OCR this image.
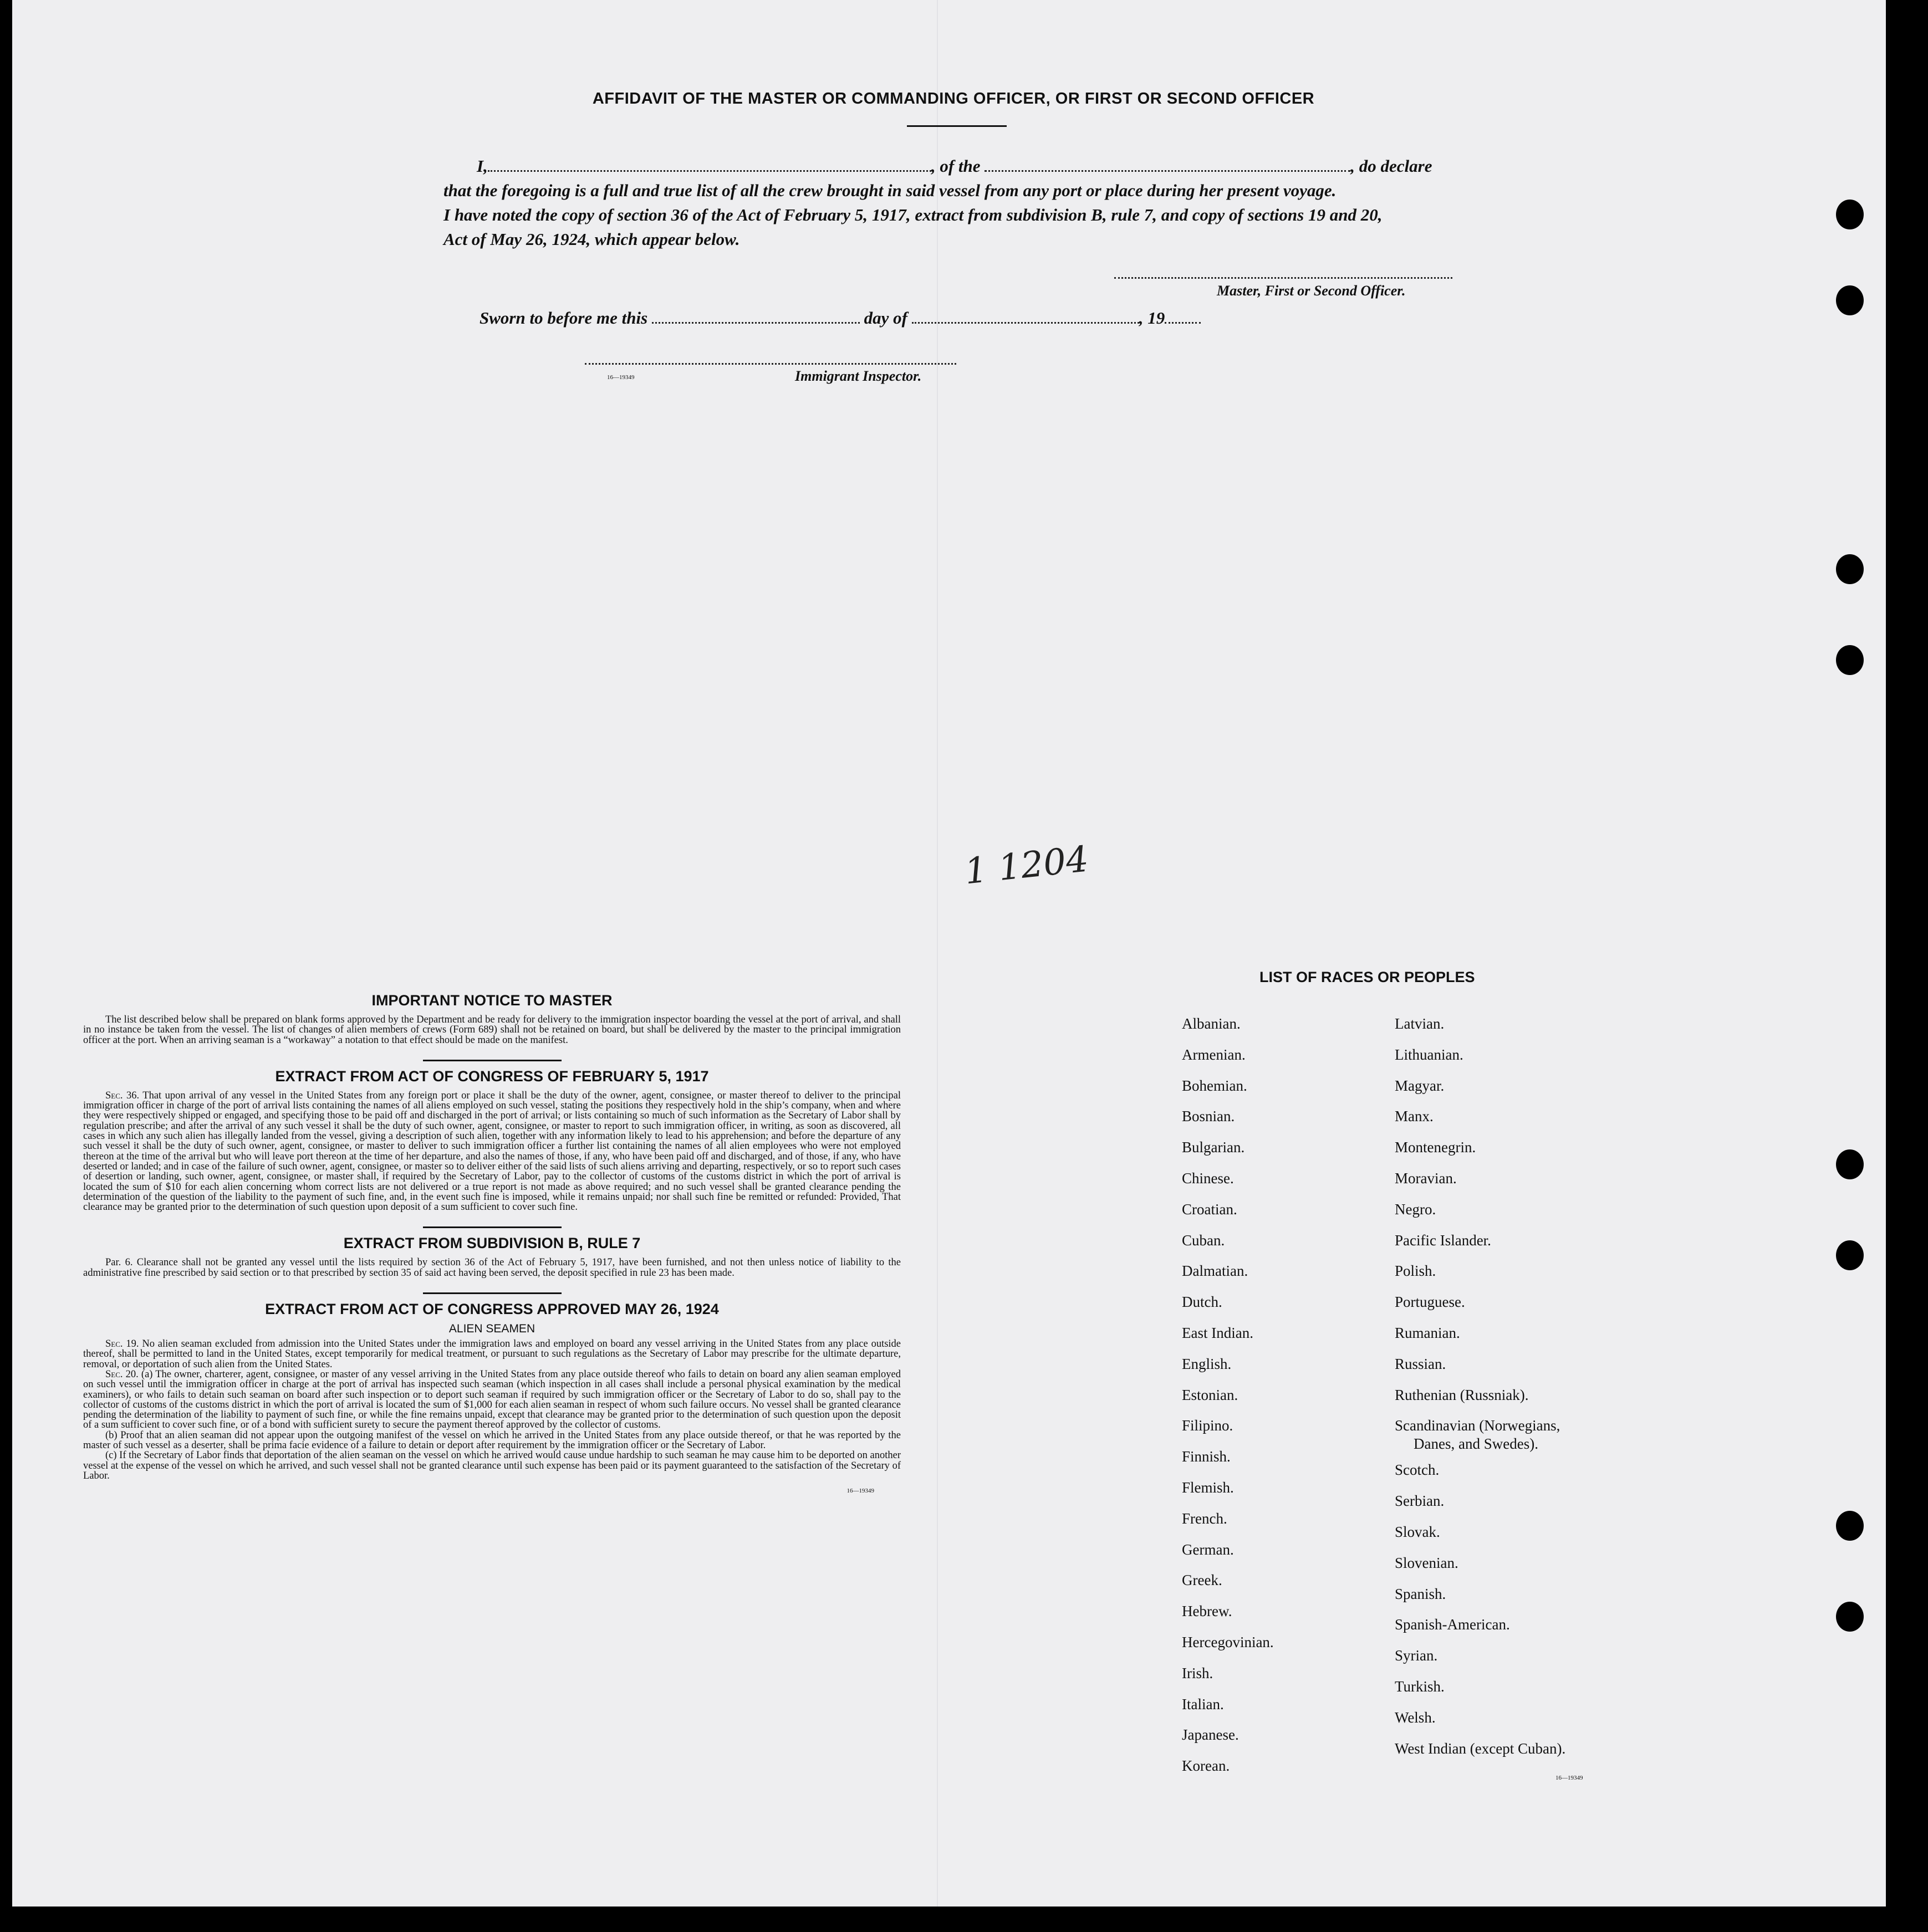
AFFIDAVIT OF THE MASTER OR COMMANDING OFFICER, OR FIRST OR SECOND OFFICER
I,	, of the	, do declare
that the foregoing is a full and true list of all the crew brought in said vessel from any port or place during her present voyage.
I have noted the copy of section 36 of the Act of February 5, 1917, extract from subdivision B, rule 7, and copy of sections 19 and 20,
Act of May 26, 1924, which appear below.
Master, First or Second Officer.
Sworn to before me this	day of	, 19
16—19349	Immigrant Inspector.
1 1204
IMPORTANT NOTICE TO MASTER
The list described below shall be prepared on blank forms approved by the Department and be ready for delivery to the immigration inspector boarding the vessel at the port of arrival, and shall in no instance be taken from the vessel. The list of changes of alien members of crews (Form 689) shall not be retained on board, but shall be delivered by the master to the principal immigration officer at the port. When an arriving seaman is a “workaway” a notation to that effect should be made on the manifest.
EXTRACT FROM ACT OF CONGRESS OF FEBRUARY 5, 1917
Sec. 36. That upon arrival of any vessel in the United States from any foreign port or place it shall be the duty of the owner, agent, consignee, or master thereof to deliver to the principal immigration officer in charge of the port of arrival lists containing the names of all aliens employed on such vessel, stating the positions they respectively hold in the ship’s company, when and where they were respectively shipped or engaged, and specifying those to be paid off and discharged in the port of arrival; or lists containing so much of such information as the Secretary of Labor shall by regulation prescribe; and after the arrival of any such vessel it shall be the duty of such owner, agent, consignee, or master to report to such immigration officer, in writing, as soon as discovered, all cases in which any such alien has illegally landed from the vessel, giving a description of such alien, together with any information likely to lead to his apprehension; and before the departure of any such vessel it shall be the duty of such owner, agent, consignee, or master to deliver to such immigration officer a further list containing the names of all alien employees who were not employed thereon at the time of the arrival but who will leave port thereon at the time of her departure, and also the names of those, if any, who have been paid off and discharged, and of those, if any, who have deserted or landed; and in case of the failure of such owner, agent, consignee, or master so to deliver either of the said lists of such aliens arriving and departing, respectively, or so to report such cases of desertion or landing, such owner, agent, consignee, or master shall, if required by the Secretary of Labor, pay to the collector of customs of the customs district in which the port of arrival is located the sum of $10 for each alien concerning whom correct lists are not delivered or a true report is not made as above required; and no such vessel shall be granted clearance pending the determination of the question of the liability to the payment of such fine, and, in the event such fine is imposed, while it remains unpaid; nor shall such fine be remitted or refunded: Provided, That clearance may be granted prior to the determination of such question upon deposit of a sum sufficient to cover such fine.
EXTRACT FROM SUBDIVISION B, RULE 7
Par. 6. Clearance shall not be granted any vessel until the lists required by section 36 of the Act of February 5, 1917, have been furnished, and not then unless notice of liability to the administrative fine prescribed by said section or to that prescribed by section 35 of said act having been served, the deposit specified in rule 23 has been made.
EXTRACT FROM ACT OF CONGRESS APPROVED MAY 26, 1924
ALIEN SEAMEN
Sec. 19. No alien seaman excluded from admission into the United States under the immigration laws and employed on board any vessel arriving in the United States from any place outside thereof, shall be permitted to land in the United States, except temporarily for medical treatment, or pursuant to such regulations as the Secretary of Labor may prescribe for the ultimate departure, removal, or deportation of such alien from the United States.
Sec. 20. (a) The owner, charterer, agent, consignee, or master of any vessel arriving in the United States from any place outside thereof who fails to detain on board any alien seaman employed on such vessel until the immigration officer in charge at the port of arrival has inspected such seaman (which inspection in all cases shall include a personal physical examination by the medical examiners), or who fails to detain such seaman on board after such inspection or to deport such seaman if required by such immigration officer or the Secretary of Labor to do so, shall pay to the collector of customs of the customs district in which the port of arrival is located the sum of $1,000 for each alien seaman in respect of whom such failure occurs. No vessel shall be granted clearance pending the determination of the liability to payment of such fine, or while the fine remains unpaid, except that clearance may be granted prior to the determination of such question upon the deposit of a sum sufficient to cover such fine, or of a bond with sufficient surety to secure the payment thereof approved by the collector of customs.
(b) Proof that an alien seaman did not appear upon the outgoing manifest of the vessel on which he arrived in the United States from any place outside thereof, or that he was reported by the master of such vessel as a deserter, shall be prima facie evidence of a failure to detain or deport after requirement by the immigration officer or the Secretary of Labor.
(c) If the Secretary of Labor finds that deportation of the alien seaman on the vessel on which he arrived would cause undue hardship to such seaman he may cause him to be deported on another vessel at the expense of the vessel on which he arrived, and such vessel shall not be granted clearance until such expense has been paid or its payment guaranteed to the satisfaction of the Secretary of Labor.
16—19349
LIST OF RACES OR PEOPLES
Albanian.
Armenian.
Bohemian.
Bosnian.
Bulgarian.
Chinese.
Croatian.
Cuban.
Dalmatian.
Dutch.
East Indian.
English.
Estonian.
Filipino.
Finnish.
Flemish.
French.
German.
Greek.
Hebrew.
Hercegovinian.
Irish.
Italian.
Japanese.
Korean.
Latvian.
Lithuanian.
Magyar.
Manx.
Montenegrin.
Moravian.
Negro.
Pacific Islander.
Polish.
Portuguese.
Rumanian.
Russian.
Ruthenian (Russniak).
Scandinavian (Norwegians,
Danes, and Swedes).
Scotch.
Serbian.
Slovak.
Slovenian.
Spanish.
Spanish-American.
Syrian.
Turkish.
Welsh.
West Indian (except Cuban).
16—19349
